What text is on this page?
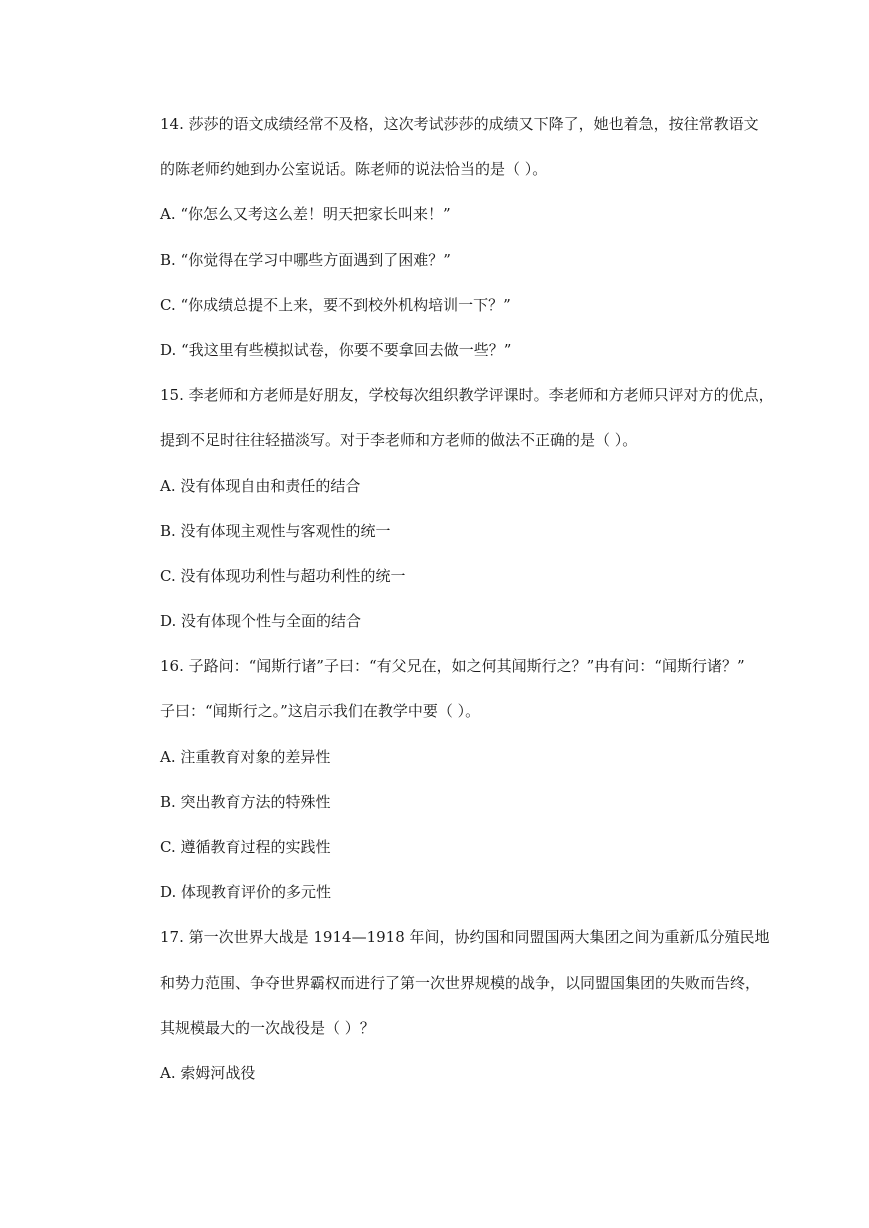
14. 莎莎的语文成绩经常不及格，这次考试莎莎的成绩又下降了，她也着急，按往常教语文
的陈老师约她到办公室说话。陈老师的说法恰当的是（ ）。
A. “你怎么又考这么差！明天把家长叫来！”
B. “你觉得在学习中哪些方面遇到了困难？”
C. “你成绩总提不上来，要不到校外机构培训一下？”
D. “我这里有些模拟试卷，你要不要拿回去做一些？”
15. 李老师和方老师是好朋友，学校每次组织教学评课时。李老师和方老师只评对方的优点，
提到不足时往往轻描淡写。对于李老师和方老师的做法不正确的是（ ）。
A. 没有体现自由和责任的结合
B. 没有体现主观性与客观性的统一
C. 没有体现功利性与超功利性的统一
D. 没有体现个性与全面的结合
16. 子路问：“闻斯行诸”子曰：“有父兄在，如之何其闻斯行之？”冉有问：“闻斯行诸？”
子曰：“闻斯行之。”这启示我们在教学中要（ ）。
A. 注重教育对象的差异性
B. 突出教育方法的特殊性
C. 遵循教育过程的实践性
D. 体现教育评价的多元性
17. 第一次世界大战是 1914—1918 年间，协约国和同盟国两大集团之间为重新瓜分殖民地
和势力范围、争夺世界霸权而进行了第一次世界规模的战争，以同盟国集团的失败而告终，
其规模最大的一次战役是（ ）？
A. 索姆河战役
